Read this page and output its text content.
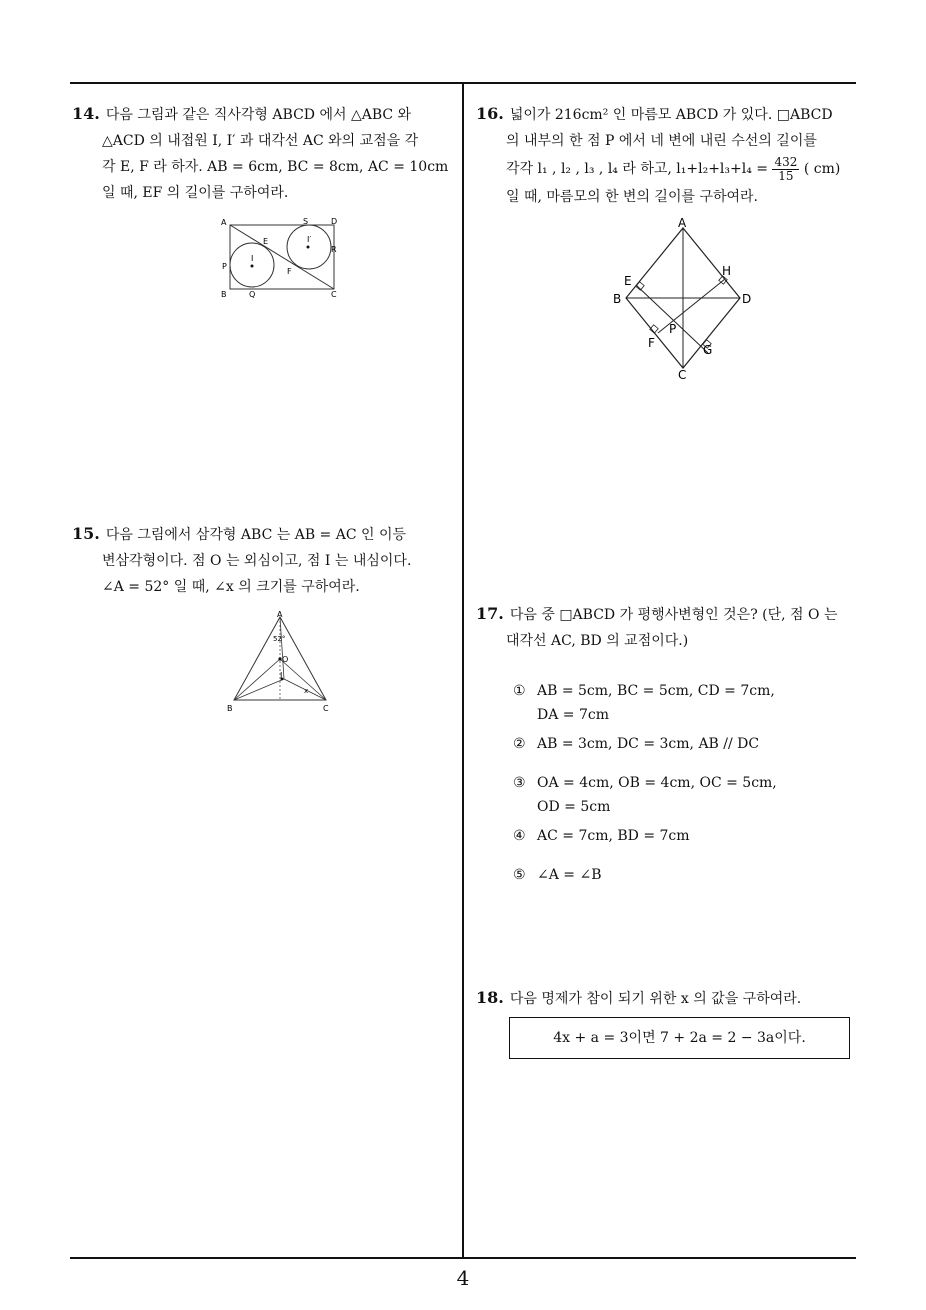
14. 다음 그림과 같은 직사각형 ABCD 에서 △ABC 와

△ACD 의 내접원 I, I′ 과 대각선 AC 와의 교점을 각

각 E, F 라 하자. AB = 6cm, BC = 8cm, AC = 10cm

일 때, EF 의 길이를 구하여라.

A	S	D
E	I′
R
I
P
F
B	Q	C

15. 다음 그림에서 삼각형 ABC 는 AB = AC 인 이등

변삼각형이다. 점 O 는 외심이고, 점 I 는 내심이다.

∠A = 52° 일 때, ∠x 의 크기를 구하여라.

A
52°
O
I
x
B	C

16. 넓이가 216cm² 인 마름모 ABCD 가 있다. □ABCD

의 내부의 한 점 P 에서 네 변에 내린 수선의 길이를

각각 l₁ , l₂ , l₃ , l₄ 라 하고, $l_1+l_2+l_3+l_4 = \frac{432}{15}$ ( cm)

일 때, 마름모의 한 변의 길이를 구하여라.

A
H
E
B	D
P
F	G
C

17. 다음 중 □ABCD 가 평행사변형인 것은? (단, 점 O 는

대각선 AC, BD 의 교점이다.)

① AB = 5cm, BC = 5cm, CD = 7cm,
DA = 7cm
② AB = 3cm, DC = 3cm, AB // DC
③ OA = 4cm, OB = 4cm, OC = 5cm,
OD = 5cm
④ AC = 7cm, BD = 7cm
⑤ ∠A = ∠B

18. 다음 명제가 참이 되기 위한 x 의 값을 구하여라.

4x + a = 3이면 7 + 2a = 2 − 3a이다.
4
